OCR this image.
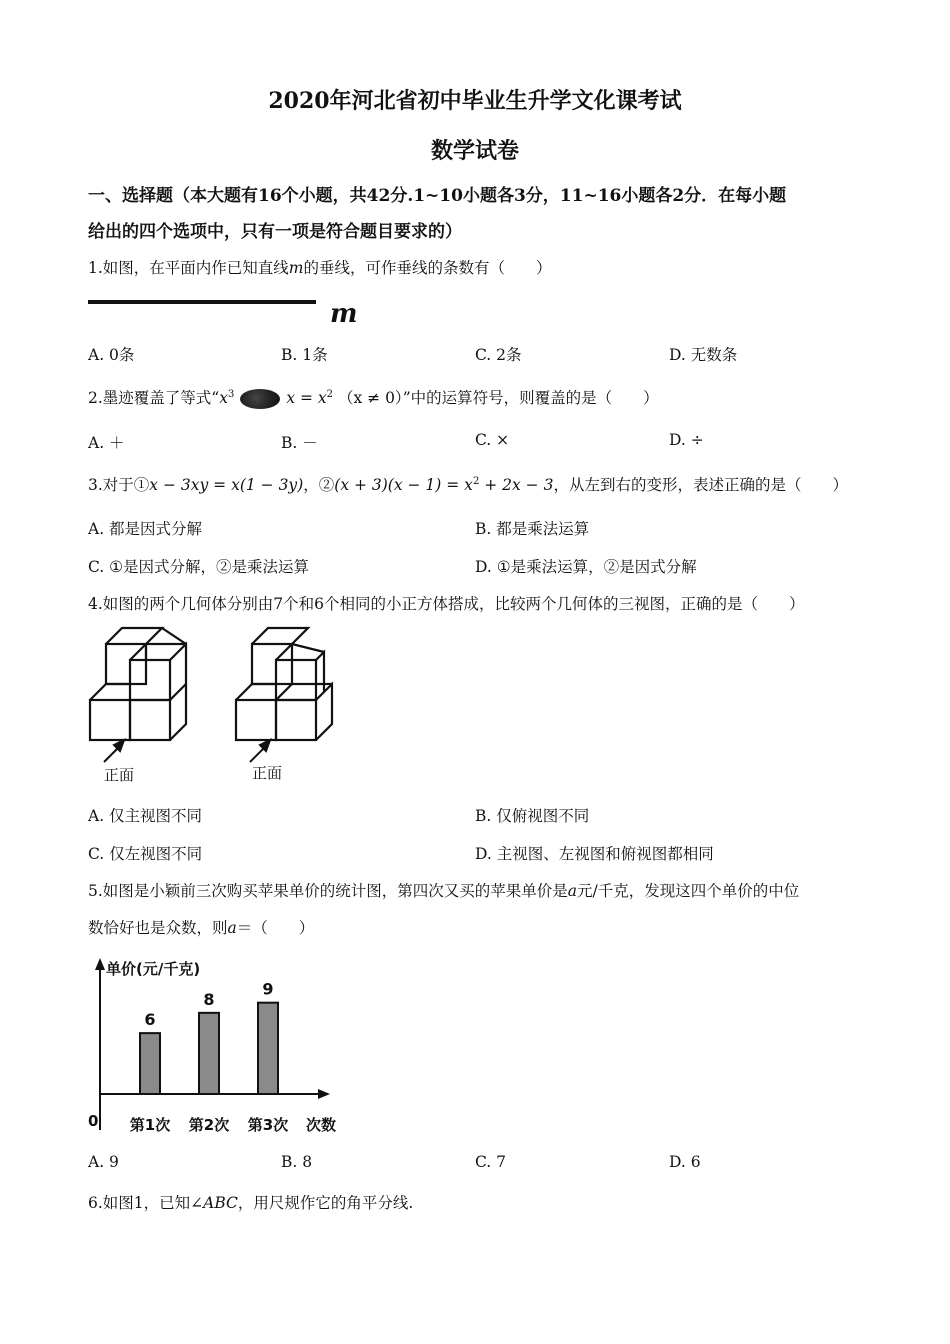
2020年河北省初中毕业生升学文化课考试
数学试卷
一、选择题（本大题有16个小题，共42分.1~10小题各3分，11~16小题各2分．在每小题
给出的四个选项中，只有一项是符合题目要求的）
1.如图，在平面内作已知直线m的垂线，可作垂线的条数有（　　）
m
A. 0条	B. 1条	C. 2条	D. 无数条
2.墨迹覆盖了等式“$x^3$	$x = x^2$ （x ≠ 0）”中的运算符号，则覆盖的是（　　）
A. ＋	B. －	C. ×	D. ÷
3.对于①x − 3xy = x(1 − 3y)，②(x + $3)(x - 1) = x^2 + 2x - 3$，从左到右的变形，表述正确的是（　　）
A. 都是因式分解	B. 都是乘法运算
C. ①是因式分解，②是乘法运算	D. ①是乘法运算，②是因式分解
4.如图的两个几何体分别由7个和6个相同的小正方体搭成，比较两个几何体的三视图，正确的是（　　）
正面	正面
A. 仅主视图不同	B. 仅俯视图不同
C. 仅左视图不同	D. 主视图、左视图和俯视图都相同
5.如图是小颖前三次购买苹果单价的统计图，第四次又买的苹果单价是a元/千克，发现这四个单价的中位
数恰好也是众数，则a＝（　　）
单价(元/千克)
0	次数
6
第1次
8
第2次
9
第3次
A. 9	B. 8	C. 7	D. 6
6.如图1，已知∠ABC，用尺规作它的角平分线.
